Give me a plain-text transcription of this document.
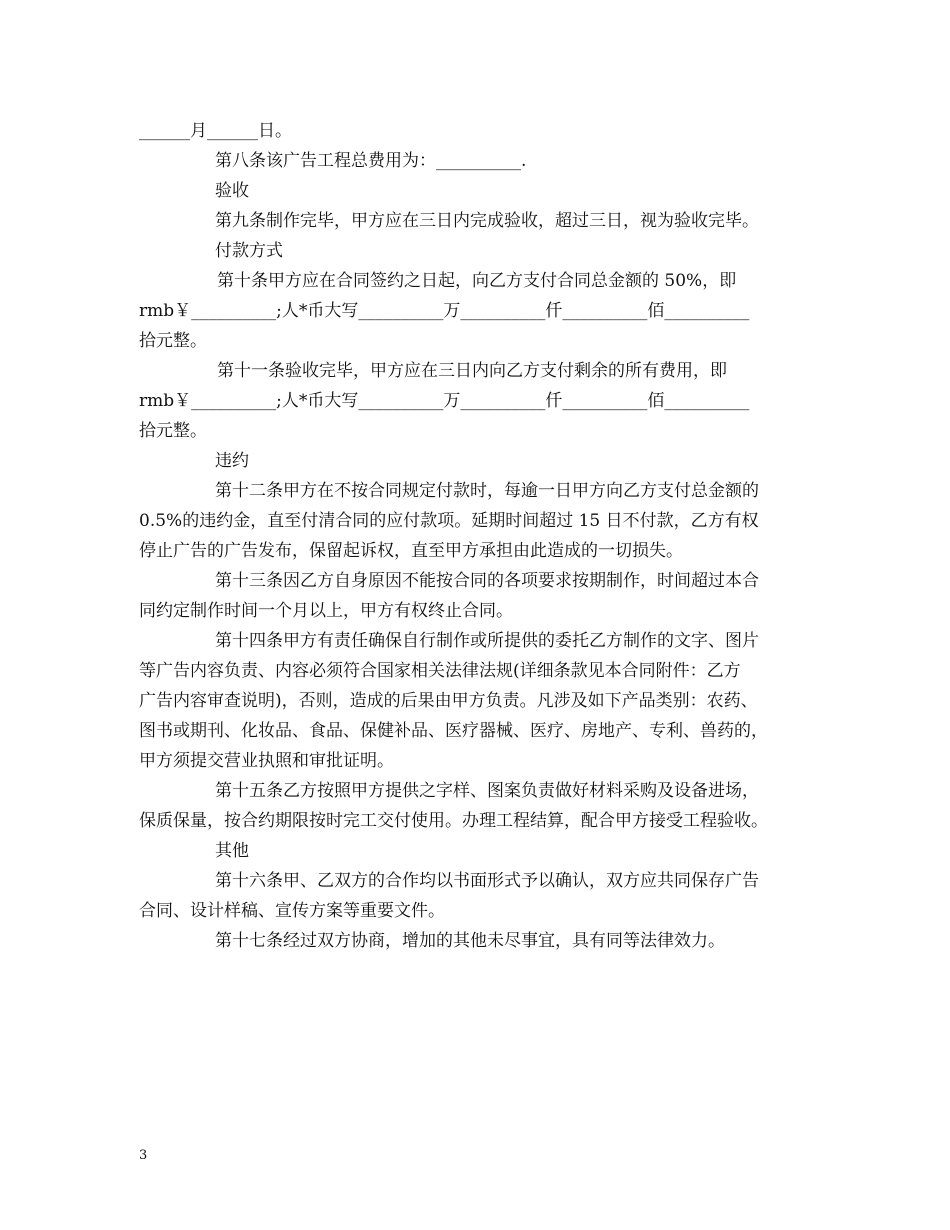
______月______日。

第八条该广告工程总费用为：__________.

验收

第九条制作完毕，甲方应在三日内完成验收，超过三日，视为验收完毕。

付款方式

第十条甲方应在合同签约之日起，向乙方支付合同总金额的 50%，即

rmb￥__________;人*币大写__________万__________仟__________佰__________

拾元整。

第十一条验收完毕，甲方应在三日内向乙方支付剩余的所有费用，即

rmb￥__________;人*币大写__________万__________仟__________佰__________

拾元整。

违约

第十二条甲方在不按合同规定付款时，每逾一日甲方向乙方支付总金额的

0.5%的违约金，直至付清合同的应付款项。延期时间超过 15 日不付款，乙方有权

停止广告的广告发布，保留起诉权，直至甲方承担由此造成的一切损失。

第十三条因乙方自身原因不能按合同的各项要求按期制作，时间超过本合

同约定制作时间一个月以上，甲方有权终止合同。

第十四条甲方有责任确保自行制作或所提供的委托乙方制作的文字、图片

等广告内容负责、内容必须符合国家相关法律法规(详细条款见本合同附件：乙方

广告内容审查说明)，否则，造成的后果由甲方负责。凡涉及如下产品类别：农药、

图书或期刊、化妆品、食品、保健补品、医疗器械、医疗、房地产、专利、兽药的，

甲方须提交营业执照和审批证明。

第十五条乙方按照甲方提供之字样、图案负责做好材料采购及设备进场，

保质保量，按合约期限按时完工交付使用。办理工程结算，配合甲方接受工程验收。

其他

第十六条甲、乙双方的合作均以书面形式予以确认，双方应共同保存广告

合同、设计样稿、宣传方案等重要文件。

第十七条经过双方协商，增加的其他未尽事宜，具有同等法律效力。

3
